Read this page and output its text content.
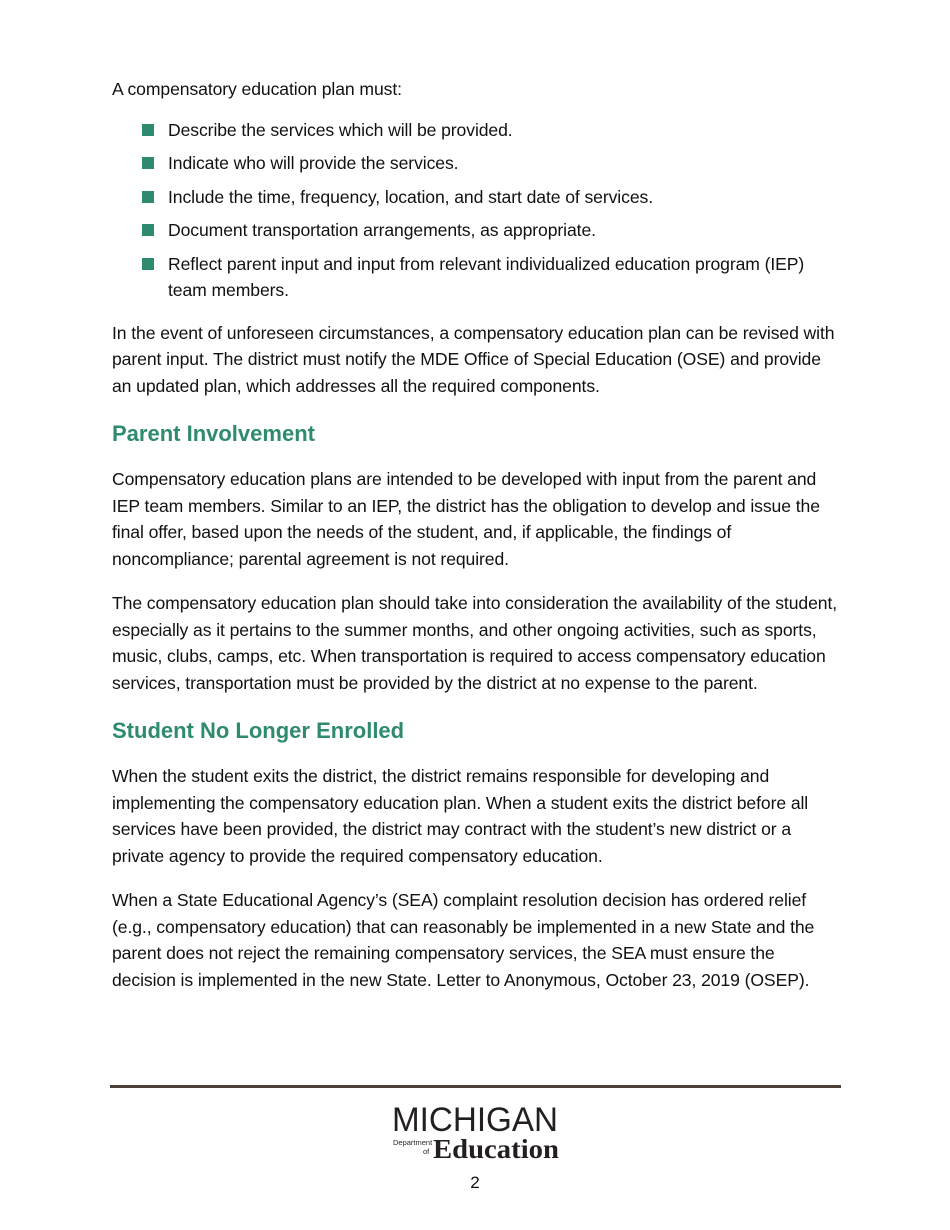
A compensatory education plan must:

Describe the services which will be provided.
Indicate who will provide the services.
Include the time, frequency, location, and start date of services.
Document transportation arrangements, as appropriate.
Reflect parent input and input from relevant individualized education program (IEP) team members.

In the event of unforeseen circumstances, a compensatory education plan can be revised with parent input. The district must notify the MDE Office of Special Education (OSE) and provide an updated plan, which addresses all the required components.

Parent Involvement

Compensatory education plans are intended to be developed with input from the parent and IEP team members. Similar to an IEP, the district has the obligation to develop and issue the final offer, based upon the needs of the student, and, if applicable, the findings of noncompliance; parental agreement is not required.

The compensatory education plan should take into consideration the availability of the student, especially as it pertains to the summer months, and other ongoing activities, such as sports, music, clubs, camps, etc. When transportation is required to access compensatory education services, transportation must be provided by the district at no expense to the parent.

Student No Longer Enrolled

When the student exits the district, the district remains responsible for developing and implementing the compensatory education plan. When a student exits the district before all services have been provided, the district may contract with the student’s new district or a private agency to provide the required compensatory education.

When a State Educational Agency’s (SEA) complaint resolution decision has ordered relief (e.g., compensatory education) that can reasonably be implemented in a new State and the parent does not reject the remaining compensatory services, the SEA must ensure the decision is implemented in the new State. Letter to Anonymous, October 23, 2019 (OSEP).

MICHIGAN
Department
of Education
2
